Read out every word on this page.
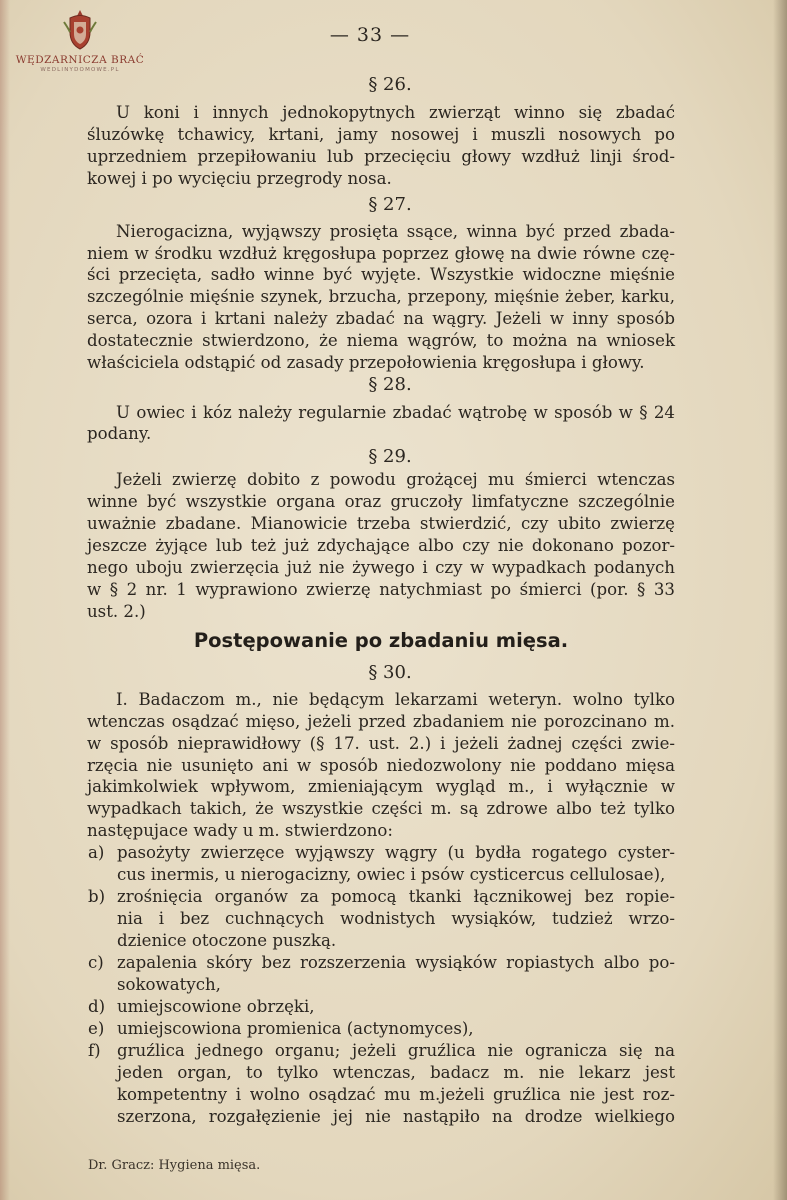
WĘDZARNICZA BRAĆ
WEDLINYDOMOWE.PL
— 33 —
§ 26.
U koni i innych jednokopytnych zwierząt winno się zbadać
śluzówkę tchawicy, krtani, jamy nosowej i muszli nosowych po
uprzedniem przepiłowaniu lub przecięciu głowy wzdłuż linji środ-
kowej i po wycięciu przegrody nosa.
§ 27.
Nierogacizna, wyjąwszy prosięta ssące, winna być przed zbada-
niem w środku wzdłuż kręgosłupa poprzez głowę na dwie równe czę-
ści przecięta, sadło winne być wyjęte. Wszystkie widoczne mięśnie
szczególnie mięśnie szynek, brzucha, przepony, mięśnie żeber, karku,
serca, ozora i krtani należy zbadać na wągry. Jeżeli w inny sposób
dostatecznie stwierdzono, że niema wągrów, to można na wniosek
właściciela odstąpić od zasady przepołowienia kręgosłupa i głowy.
§ 28.
U owiec i kóz należy regularnie zbadać wątrobę w sposób w § 24
podany.
§ 29.
Jeżeli zwierzę dobito z powodu grożącej mu śmierci wtenczas
winne być wszystkie organa oraz gruczoły limfatyczne szczególnie
uważnie zbadane. Mianowicie trzeba stwierdzić, czy ubito zwierzę
jeszcze żyjące lub też już zdychające albo czy nie dokonano pozor-
nego uboju zwierzęcia już nie żywego i czy w wypadkach podanych
w § 2 nr. 1 wyprawiono zwierzę natychmiast po śmierci (por. § 33
ust. 2.)
Postępowanie po zbadaniu mięsa.
§ 30.
I. Badaczom m., nie będącym lekarzami weteryn. wolno tylko
wtenczas osądzać mięso, jeżeli przed zbadaniem nie porozcinano m.
w sposób nieprawidłowy (§ 17. ust. 2.) i jeżeli żadnej części zwie-
rzęcia nie usunięto ani w sposób niedozwolony nie poddano mięsa
jakimkolwiek wpływom, zmieniającym wygląd m., i wyłącznie w
wypadkach takich, że wszystkie części m. są zdrowe albo też tylko
następujace wady u m. stwierdzono:
a) pasożyty zwierzęce wyjąwszy wągry (u bydła rogatego cyster-
cus inermis, u nierogacizny, owiec i psów cysticercus cellulosae),
b) zrośnięcia organów za pomocą tkanki łącznikowej bez ropie-
nia i bez cuchnących wodnistych wysiąków, tudzież wrzo-
dzienice otoczone puszką.
c) zapalenia skóry bez rozszerzenia wysiąków ropiastych albo po-
sokowatych,
d) umiejscowione obrzęki,
e) umiejscowiona promienica (actynomyces),
f) gruźlica jednego organu; jeżeli gruźlica nie ogranicza się na
jeden organ, to tylko wtenczas, badacz m. nie lekarz jest
kompetentny i wolno osądzać mu m.jeżeli gruźlica nie jest roz-
szerzona, rozgałęzienie jej nie nastąpiło na drodze wielkiego
Dr. Gracz: Hygiena mięsa.
